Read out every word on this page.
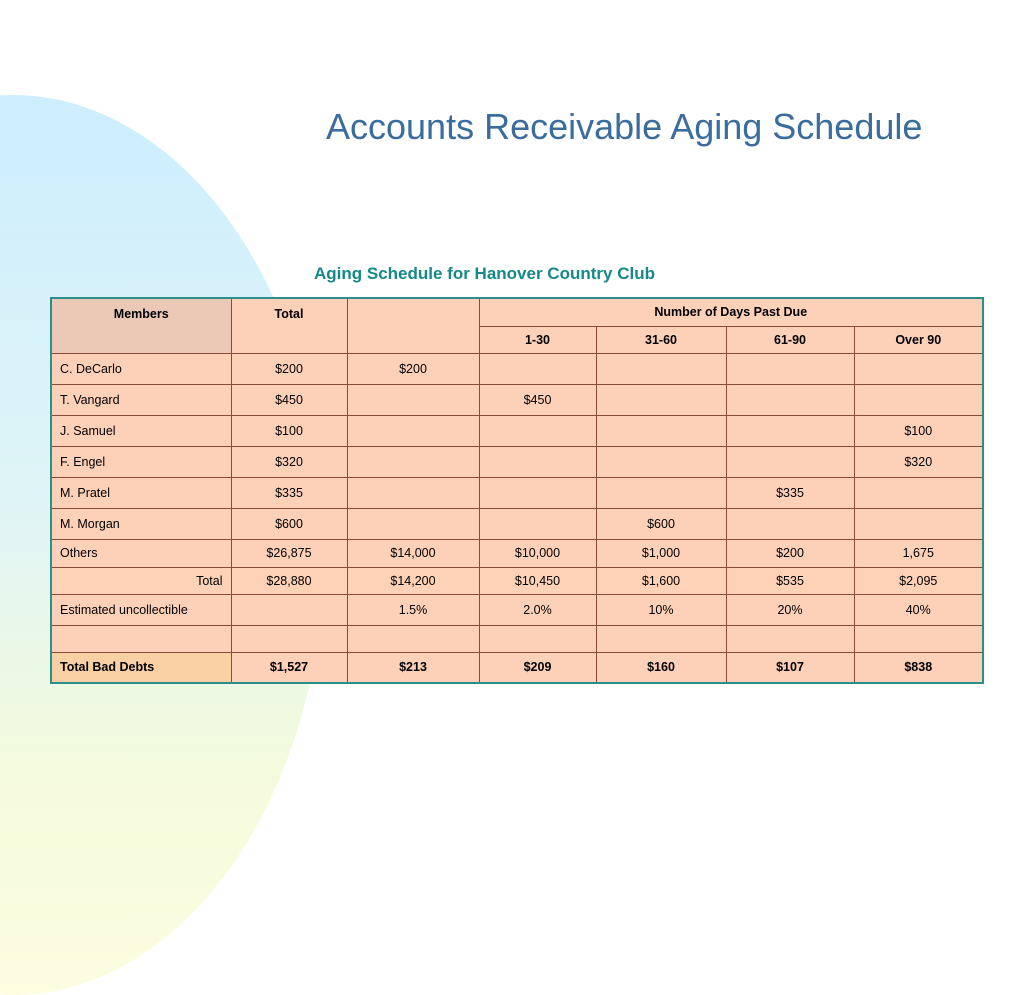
Accounts Receivable Aging Schedule
Aging Schedule for Hanover Country Club
Members	Total		Number of Days Past Due			
			1-30	31-60	61-90	Over 90
C. DeCarlo	$200	$200				
T. Vangard	$450		$450			
J. Samuel	$100					$100
F. Engel	$320					$320
M. Pratel	$335				$335	
M. Morgan	$600			$600		
Others	$26,875	$14,000	$10,000	$1,000	$200	1,675
Total	$28,880	$14,200	$10,450	$1,600	$535	$2,095
Estimated uncollectible		1.5%	2.0%	10%	20%	40%

Total Bad Debts	$1,527	$213	$209	$160	$107	$838
